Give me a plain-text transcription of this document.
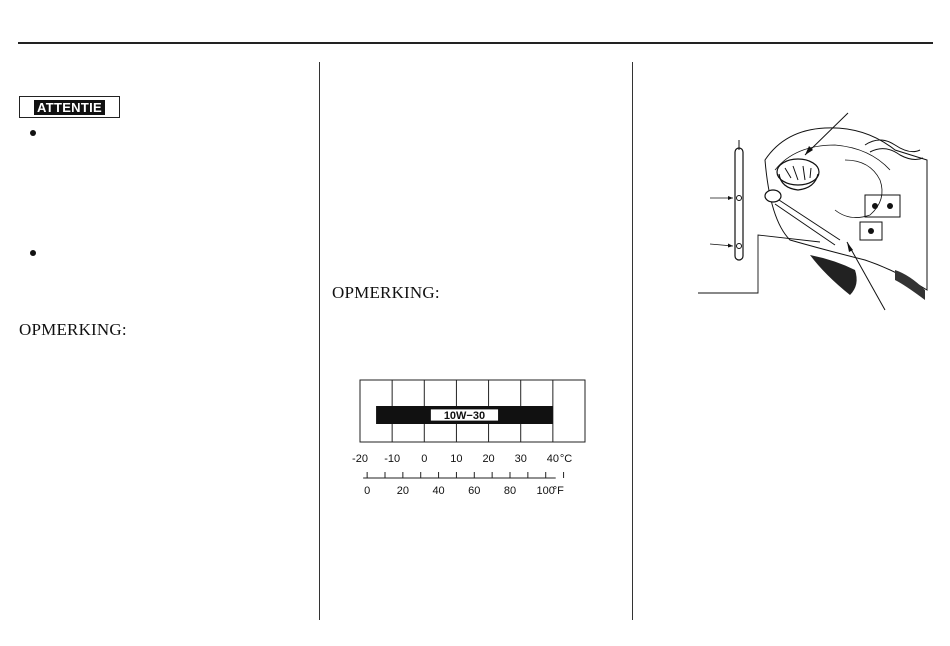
ATTENTIE
OPMERKING:
OPMERKING:
10W−30
-20 -10 0 10 20 30 40 °C
0 20 40 60 80 100
°F
